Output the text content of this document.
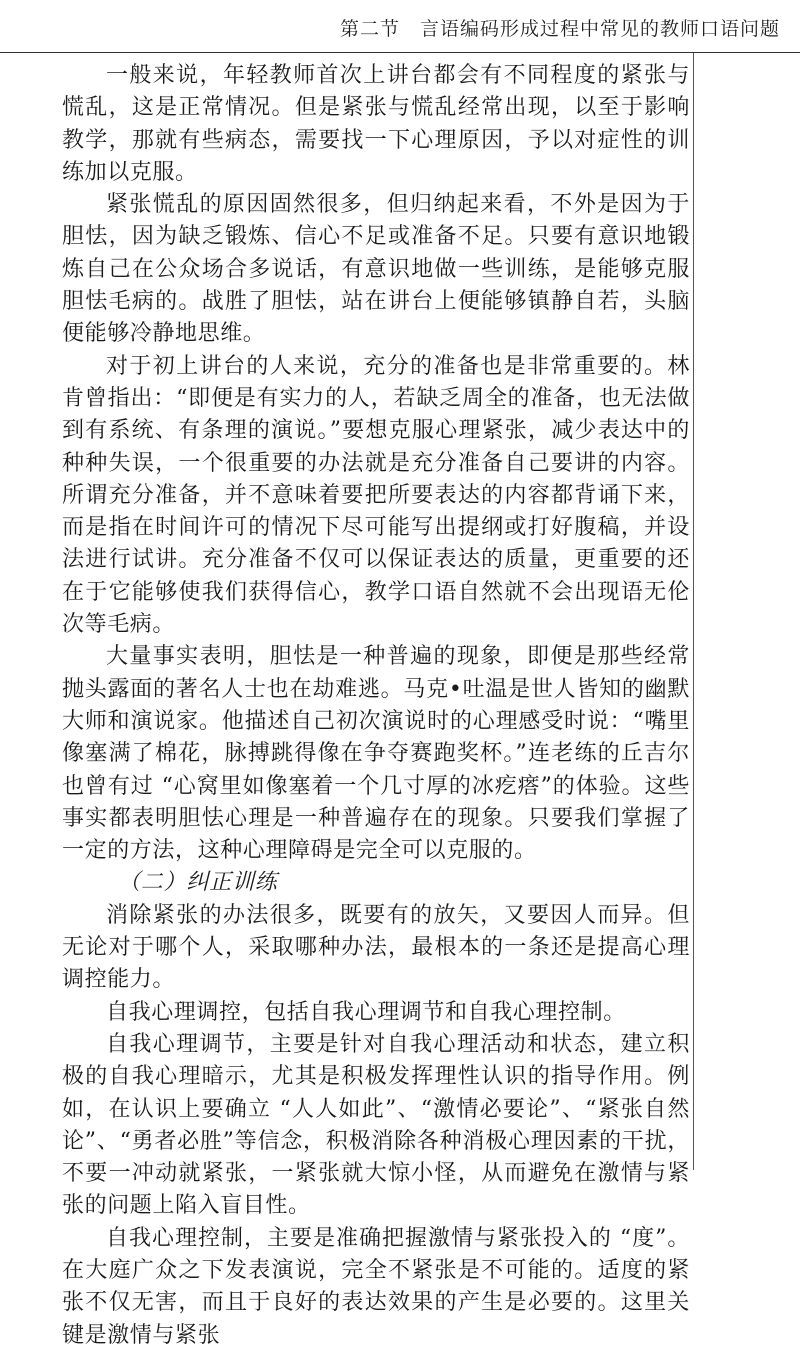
第二节　言语编码形成过程中常见的教师口语问题

一般来说，年轻教师首次上讲台都会有不同程度的紧张与慌乱，这是正常情况。但是紧张与慌乱经常出现，以至于影响教学，那就有些病态，需要找一下心理原因，予以对症性的训练加以克服。

紧张慌乱的原因固然很多，但归纳起来看，不外是因为于胆怯，因为缺乏锻炼、信心不足或准备不足。只要有意识地锻炼自己在公众场合多说话，有意识地做一些训练，是能够克服胆怯毛病的。战胜了胆怯，站在讲台上便能够镇静自若，头脑便能够冷静地思维。

对于初上讲台的人来说，充分的准备也是非常重要的。林肯曾指出：“即便是有实力的人，若缺乏周全的准备，也无法做到有系统、有条理的演说。”要想克服心理紧张，减少表达中的种种失误，一个很重要的办法就是充分准备自己要讲的内容。所谓充分准备，并不意味着要把所要表达的内容都背诵下来，而是指在时间许可的情况下尽可能写出提纲或打好腹稿，并设法进行试讲。充分准备不仅可以保证表达的质量，更重要的还在于它能够使我们获得信心，教学口语自然就不会出现语无伦次等毛病。

大量事实表明，胆怯是一种普遍的现象，即便是那些经常抛头露面的著名人士也在劫难逃。马克•吐温是世人皆知的幽默大师和演说家。他描述自己初次演说时的心理感受时说：“嘴里像塞满了棉花，脉搏跳得像在争夺赛跑奖杯。”连老练的丘吉尔也曾有过 “心窝里如像塞着一个几寸厚的冰疙瘩”的体验。这些事实都表明胆怯心理是一种普遍存在的现象。只要我们掌握了一定的方法，这种心理障碍是完全可以克服的。

（二）纠正训练

消除紧张的办法很多，既要有的放矢，又要因人而异。但无论对于哪个人，采取哪种办法，最根本的一条还是提高心理调控能力。

自我心理调控，包括自我心理调节和自我心理控制。

自我心理调节，主要是针对自我心理活动和状态，建立积极的自我心理暗示，尤其是积极发挥理性认识的指导作用。例如，在认识上要确立 “人人如此”、“激情必要论”、“紧张自然论”、“勇者必胜”等信念，积极消除各种消极心理因素的干扰，不要一冲动就紧张，一紧张就大惊小怪，从而避免在激情与紧张的问题上陷入盲目性。

自我心理控制，主要是准确把握激情与紧张投入的 “度”。在大庭广众之下发表演说，完全不紧张是不可能的。适度的紧张不仅无害，而且于良好的表达效果的产生是必要的。这里关键是激情与紧张
